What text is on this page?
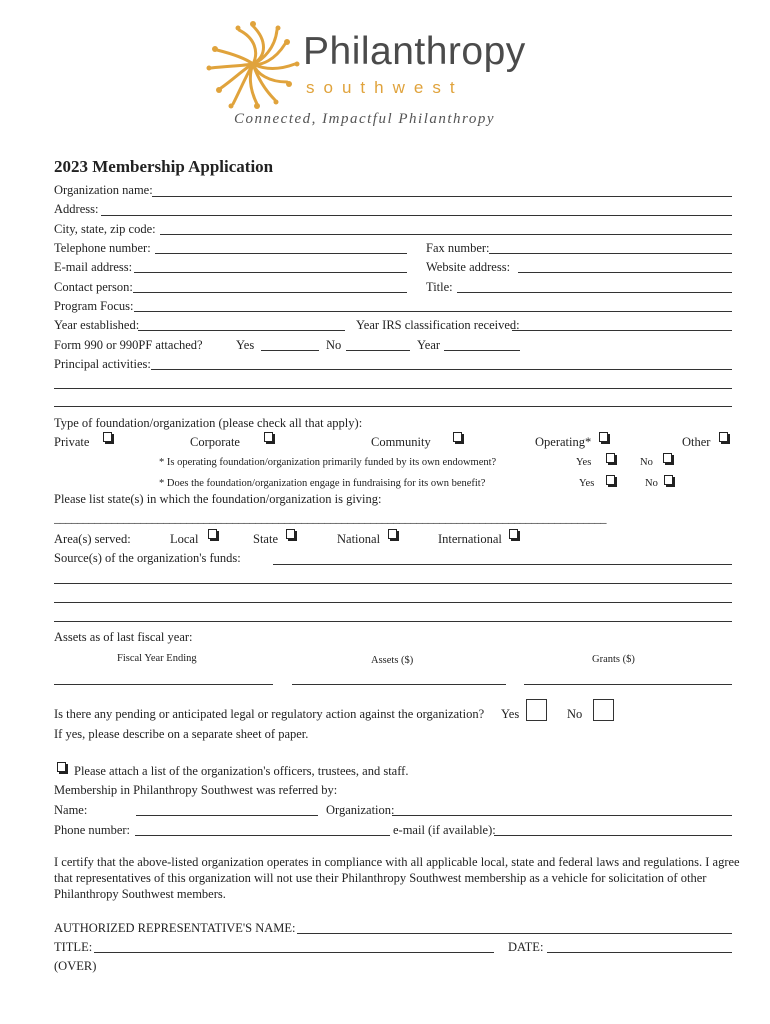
Philanthropy
southwest
Connected, Impactful Philanthropy
2023 Membership Application
Organization name:
Address:
City, state, zip code:
Telephone number:	Fax number:
E-mail address:	Website address:
Contact person:	Title:
Program Focus:
Year established:	Year IRS classification received:
Form 990 or 990PF attached?	Yes	No	Year
Principal activities:
Type of foundation/organization (please check all that apply):
Private	Corporate	Community	Operating*	Other
* Is operating foundation/organization primarily funded by its own endowment?	Yes	No
* Does the foundation/organization engage in fundraising for its own benefit?	Yes	No
Please list state(s) in which the foundation/organization is giving:
________________________________________________________________________________________________
Area(s) served:	Local	State	National	International
Source(s) of the organization's funds:
Assets as of last fiscal year:
Fiscal Year Ending	Assets ($)	Grants ($)
Is there any pending or anticipated legal or regulatory action against the organization? Yes	No
If yes, please describe on a separate sheet of paper.
Please attach a list of the organization's officers, trustees, and staff.
Membership in Philanthropy Southwest was referred by:
Name:	Organization:
Phone number:	e-mail (if available):
I certify that the above-listed organization operates in compliance with all applicable local, state and federal laws and regulations. I agree
that representatives of this organization will not use their Philanthropy Southwest membership as a vehicle for solicitation of other
Philanthropy Southwest members.
AUTHORIZED REPRESENTATIVE'S NAME:
TITLE:	DATE:
(OVER)
